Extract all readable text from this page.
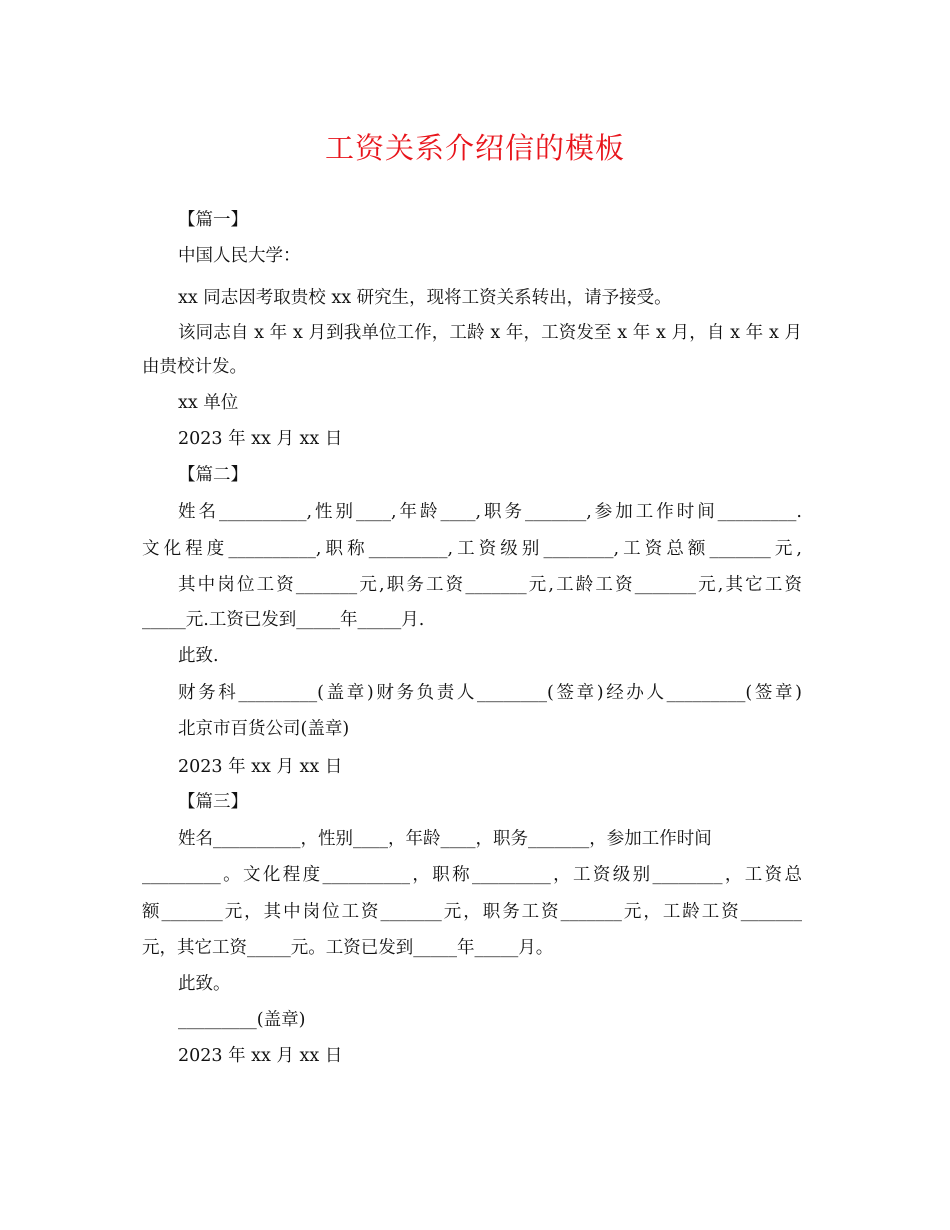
工资关系介绍信的模板
【篇一】
中国人民大学：
xx 同志因考取贵校 xx 研究生，现将工资关系转出，请予接受。
该同志自 x 年 x 月到我单位工作，工龄 x 年，工资发至 x 年 x 月，自 x 年 x 月
由贵校计发。
xx 单位
2023 年 xx 月 xx 日
【篇二】
姓名__________,性别____,年龄____,职务_______,参加工作时间_________.
文化程度__________,职称_________,工资级别________,工资总额_______元,
其中岗位工资_______元,职务工资_______元,工龄工资_______元,其它工资
_____元.工资已发到_____年_____月.
此致.
财务科_________(盖章)财务负责人________(签章)经办人_________(签章)
北京市百货公司(盖章)
2023 年 xx 月 xx 日
【篇三】
姓名__________，性别____，年龄____，职务_______，参加工作时间
_________。文化程度__________，职称_________，工资级别________，工资总
额_______元，其中岗位工资_______元，职务工资_______元，工龄工资_______
元，其它工资_____元。工资已发到_____年_____月。
此致。
_________(盖章)
2023 年 xx 月 xx 日
